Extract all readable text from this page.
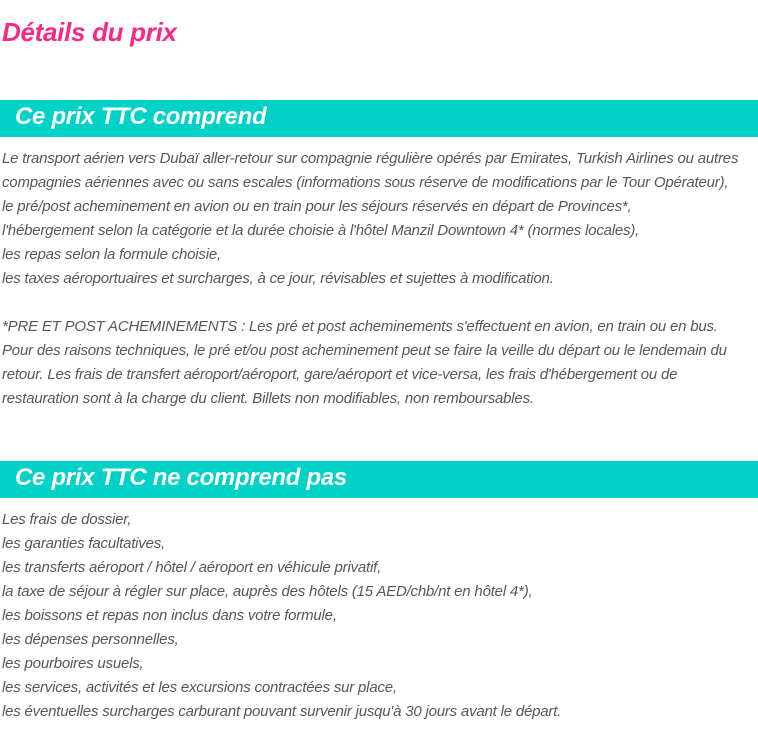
Détails du prix
Ce prix TTC comprend

Le transport aérien vers Dubaï aller-retour sur compagnie régulière opérés par Emirates, Turkish Airlines ou autres compagnies aériennes avec ou sans escales (informations sous réserve de modifications par le Tour Opérateur),

le pré/post acheminement en avion ou en train pour les séjours réservés en départ de Provinces*,

l'hébergement selon la catégorie et la durée choisie à l'hôtel Manzil Downtown 4* (normes locales),

les repas selon la formule choisie,

les taxes aéroportuaires et surcharges, à ce jour, révisables et sujettes à modification.

*PRE ET POST ACHEMINEMENTS : Les pré et post acheminements s'effectuent en avion, en train ou en bus. Pour des raisons techniques, le pré et/ou post acheminement peut se faire la veille du départ ou le lendemain du retour. Les frais de transfert aéroport/aéroport, gare/aéroport et vice-versa, les frais d'hébergement ou de restauration sont à la charge du client. Billets non modifiables, non remboursables.

Ce prix TTC ne comprend pas

Les frais de dossier,

les garanties facultatives,

les transferts aéroport / hôtel / aéroport en véhicule privatif,

la taxe de séjour à régler sur place, auprès des hôtels (15 AED/chb/nt en hôtel 4*),

les boissons et repas non inclus dans votre formule,

les dépenses personnelles,

les pourboires usuels,

les services, activités et les excursions contractées sur place,

les éventuelles surcharges carburant pouvant survenir jusqu'à 30 jours avant le départ.
